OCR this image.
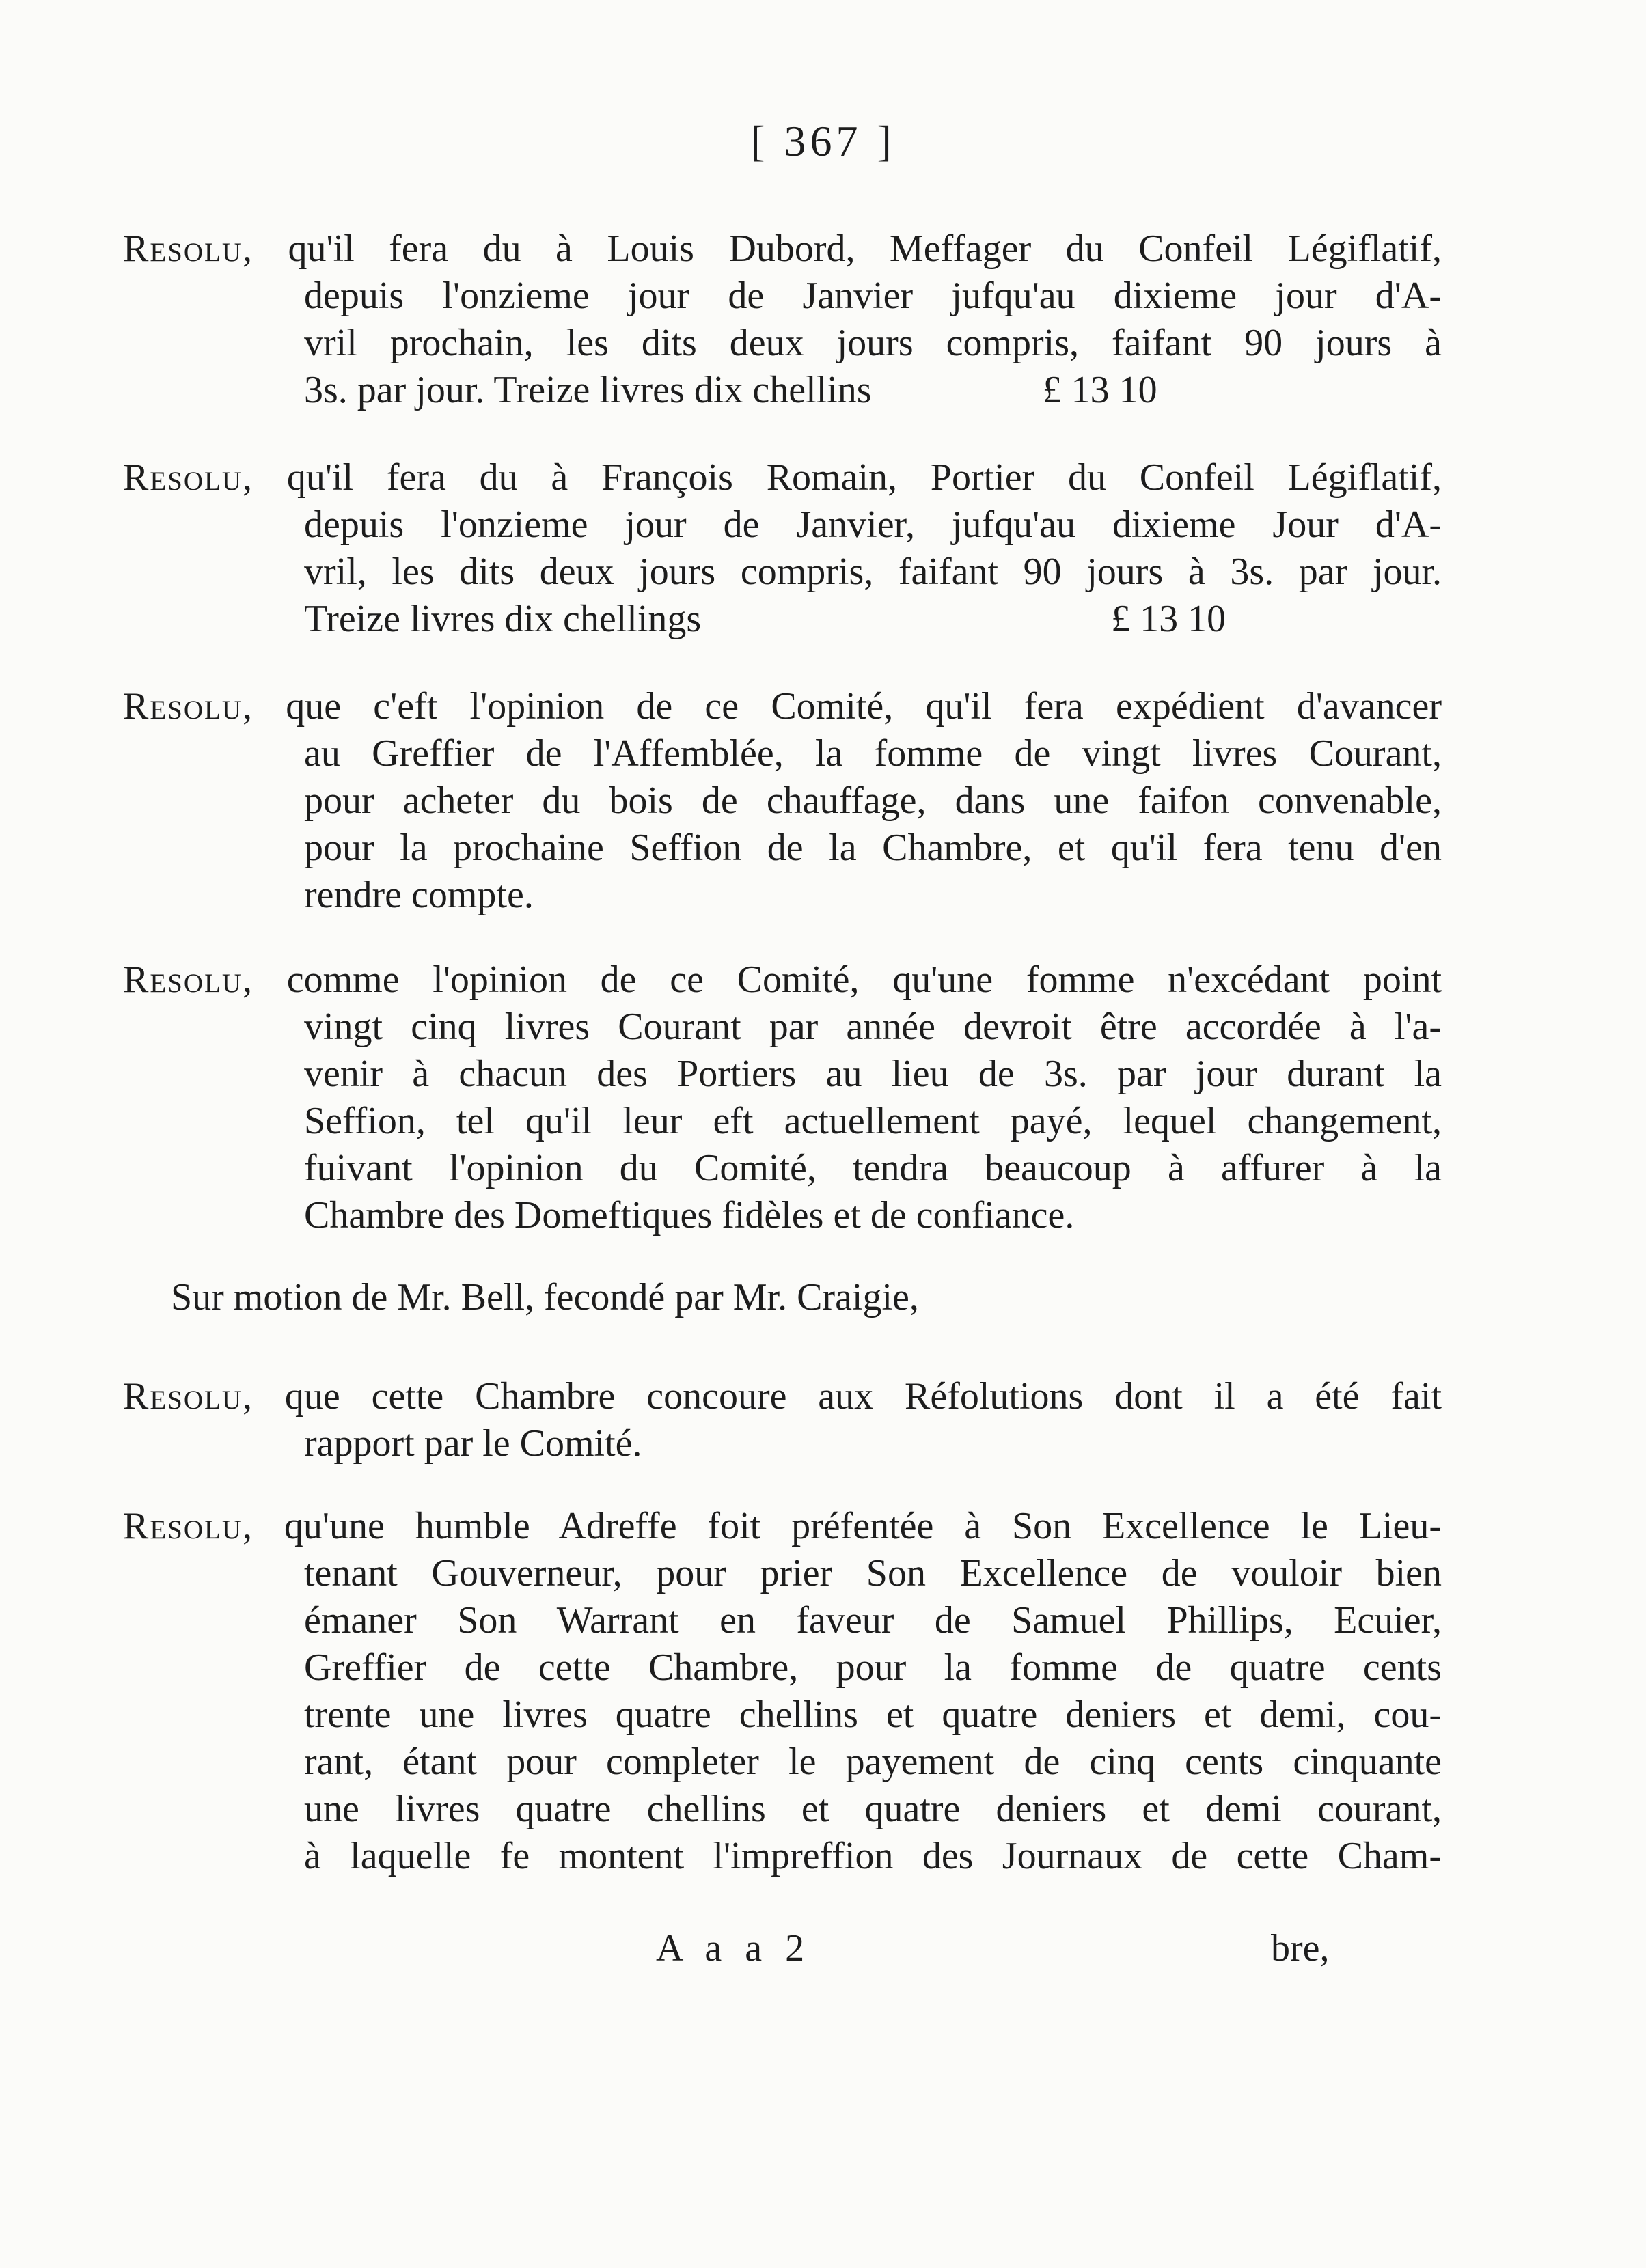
[ 367 ]
Resolu, qu'il fera du à Louis Dubord, Meffager du Confeil Légiflatif,
depuis l'onzieme jour de Janvier jufqu'au dixieme jour d'A-
vril prochain, les dits deux jours compris, faifant 90 jours à
3s. par jour. Treize livres dix chellins	£ 13 10
Resolu, qu'il fera du à François Romain, Portier du Confeil Légiflatif,
depuis l'onzieme jour de Janvier, jufqu'au dixieme Jour d'A-
vril, les dits deux jours compris, faifant 90 jours à 3s. par jour.
Treize livres dix chellings	£ 13 10
Resolu, que c'eft l'opinion de ce Comité, qu'il fera expédient d'avancer
au Greffier de l'Affemblée, la fomme de vingt livres Courant,
pour acheter du bois de chauffage, dans une faifon convenable,
pour la prochaine Seffion de la Chambre, et qu'il fera tenu d'en
rendre compte.
Resolu, comme l'opinion de ce Comité, qu'une fomme n'excédant point
vingt cinq livres Courant par année devroit être accordée à l'a-
venir à chacun des Portiers au lieu de 3s. par jour durant la
Seffion, tel qu'il leur eft actuellement payé, lequel changement,
fuivant l'opinion du Comité, tendra beaucoup à affurer à la
Chambre des Domeftiques fidèles et de confiance.
Sur motion de Mr. Bell, fecondé par Mr. Craigie,
Resolu, que cette Chambre concoure aux Réfolutions dont il a été fait
rapport par le Comité.
Resolu, qu'une humble Adreffe foit préfentée à Son Excellence le Lieu-
tenant Gouverneur, pour prier Son Excellence de vouloir bien
émaner Son Warrant en faveur de Samuel Phillips, Ecuier,
Greffier de cette Chambre, pour la fomme de quatre cents
trente une livres quatre chellins et quatre deniers et demi, cou-
rant, étant pour completer le payement de cinq cents cinquante
une livres quatre chellins et quatre deniers et demi courant,
à laquelle fe montent l'impreffion des Journaux de cette Cham-
A a a 2	bre,
